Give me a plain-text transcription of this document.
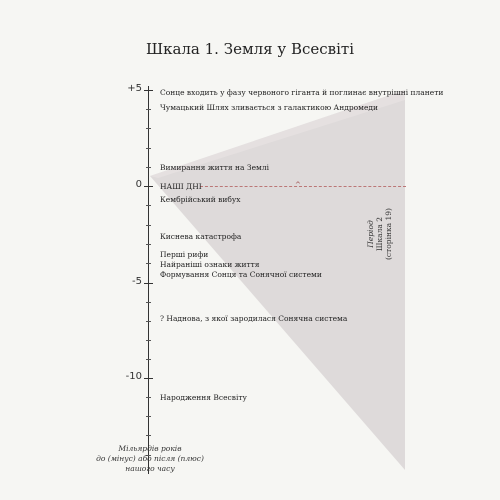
Шкала 1. Земля у Всесвіті
+5
0
-5
-10
^
Сонце входить у фазу червоного гіганта й поглинає внутрішні планети
Чумацький Шлях зливається з галактикою Андромеди
Вимирання життя на Землі
НАШІ ДНІ
Кембрійський вибух
Киснева катастрофа
Перші рифи
Найраніші ознаки життя
Формування Сонця та Сонячної системи
? Наднова, з якої зародилася Сонячна система
Народження Всесвіту
Період Шкала 2 (сторінка 19)
Мільярдів років
до (мінус) або після (плюс)
нашого часу
